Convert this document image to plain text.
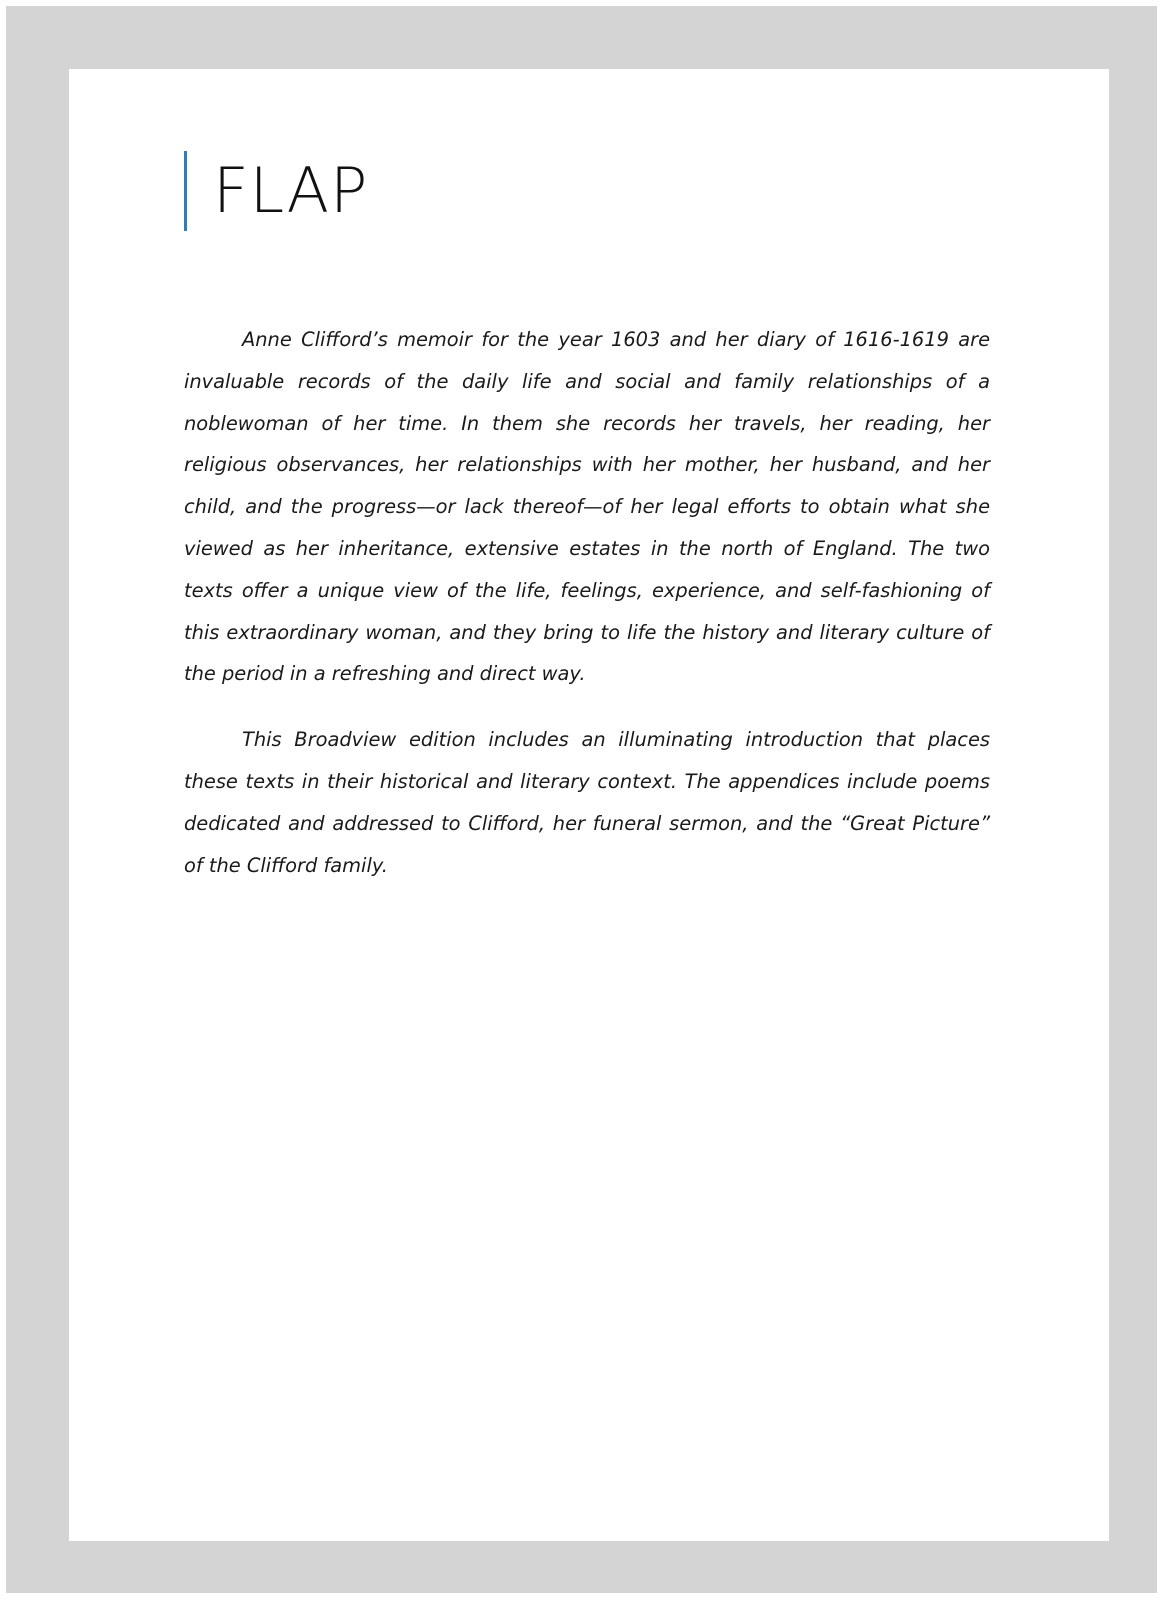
FLAP

Anne Clifford’s memoir for the year 1603 and her diary of 1616-1619 are invaluable records of the daily life and social and family relationships of a noblewoman of her time. In them she records her travels, her reading, her religious observances, her relationships with her mother, her husband, and her child, and the progress—or lack thereof—of her legal efforts to obtain what she viewed as her inheritance, extensive estates in the north of England. The two texts offer a unique view of the life, feelings, experience, and self-fashioning of this extraordinary woman, and they bring to life the history and literary culture of the period in a refreshing and direct way.

This Broadview edition includes an illuminating introduction that places these texts in their historical and literary context. The appendices include poems dedicated and addressed to Clifford, her funeral sermon, and the “Great Picture” of the Clifford family.
